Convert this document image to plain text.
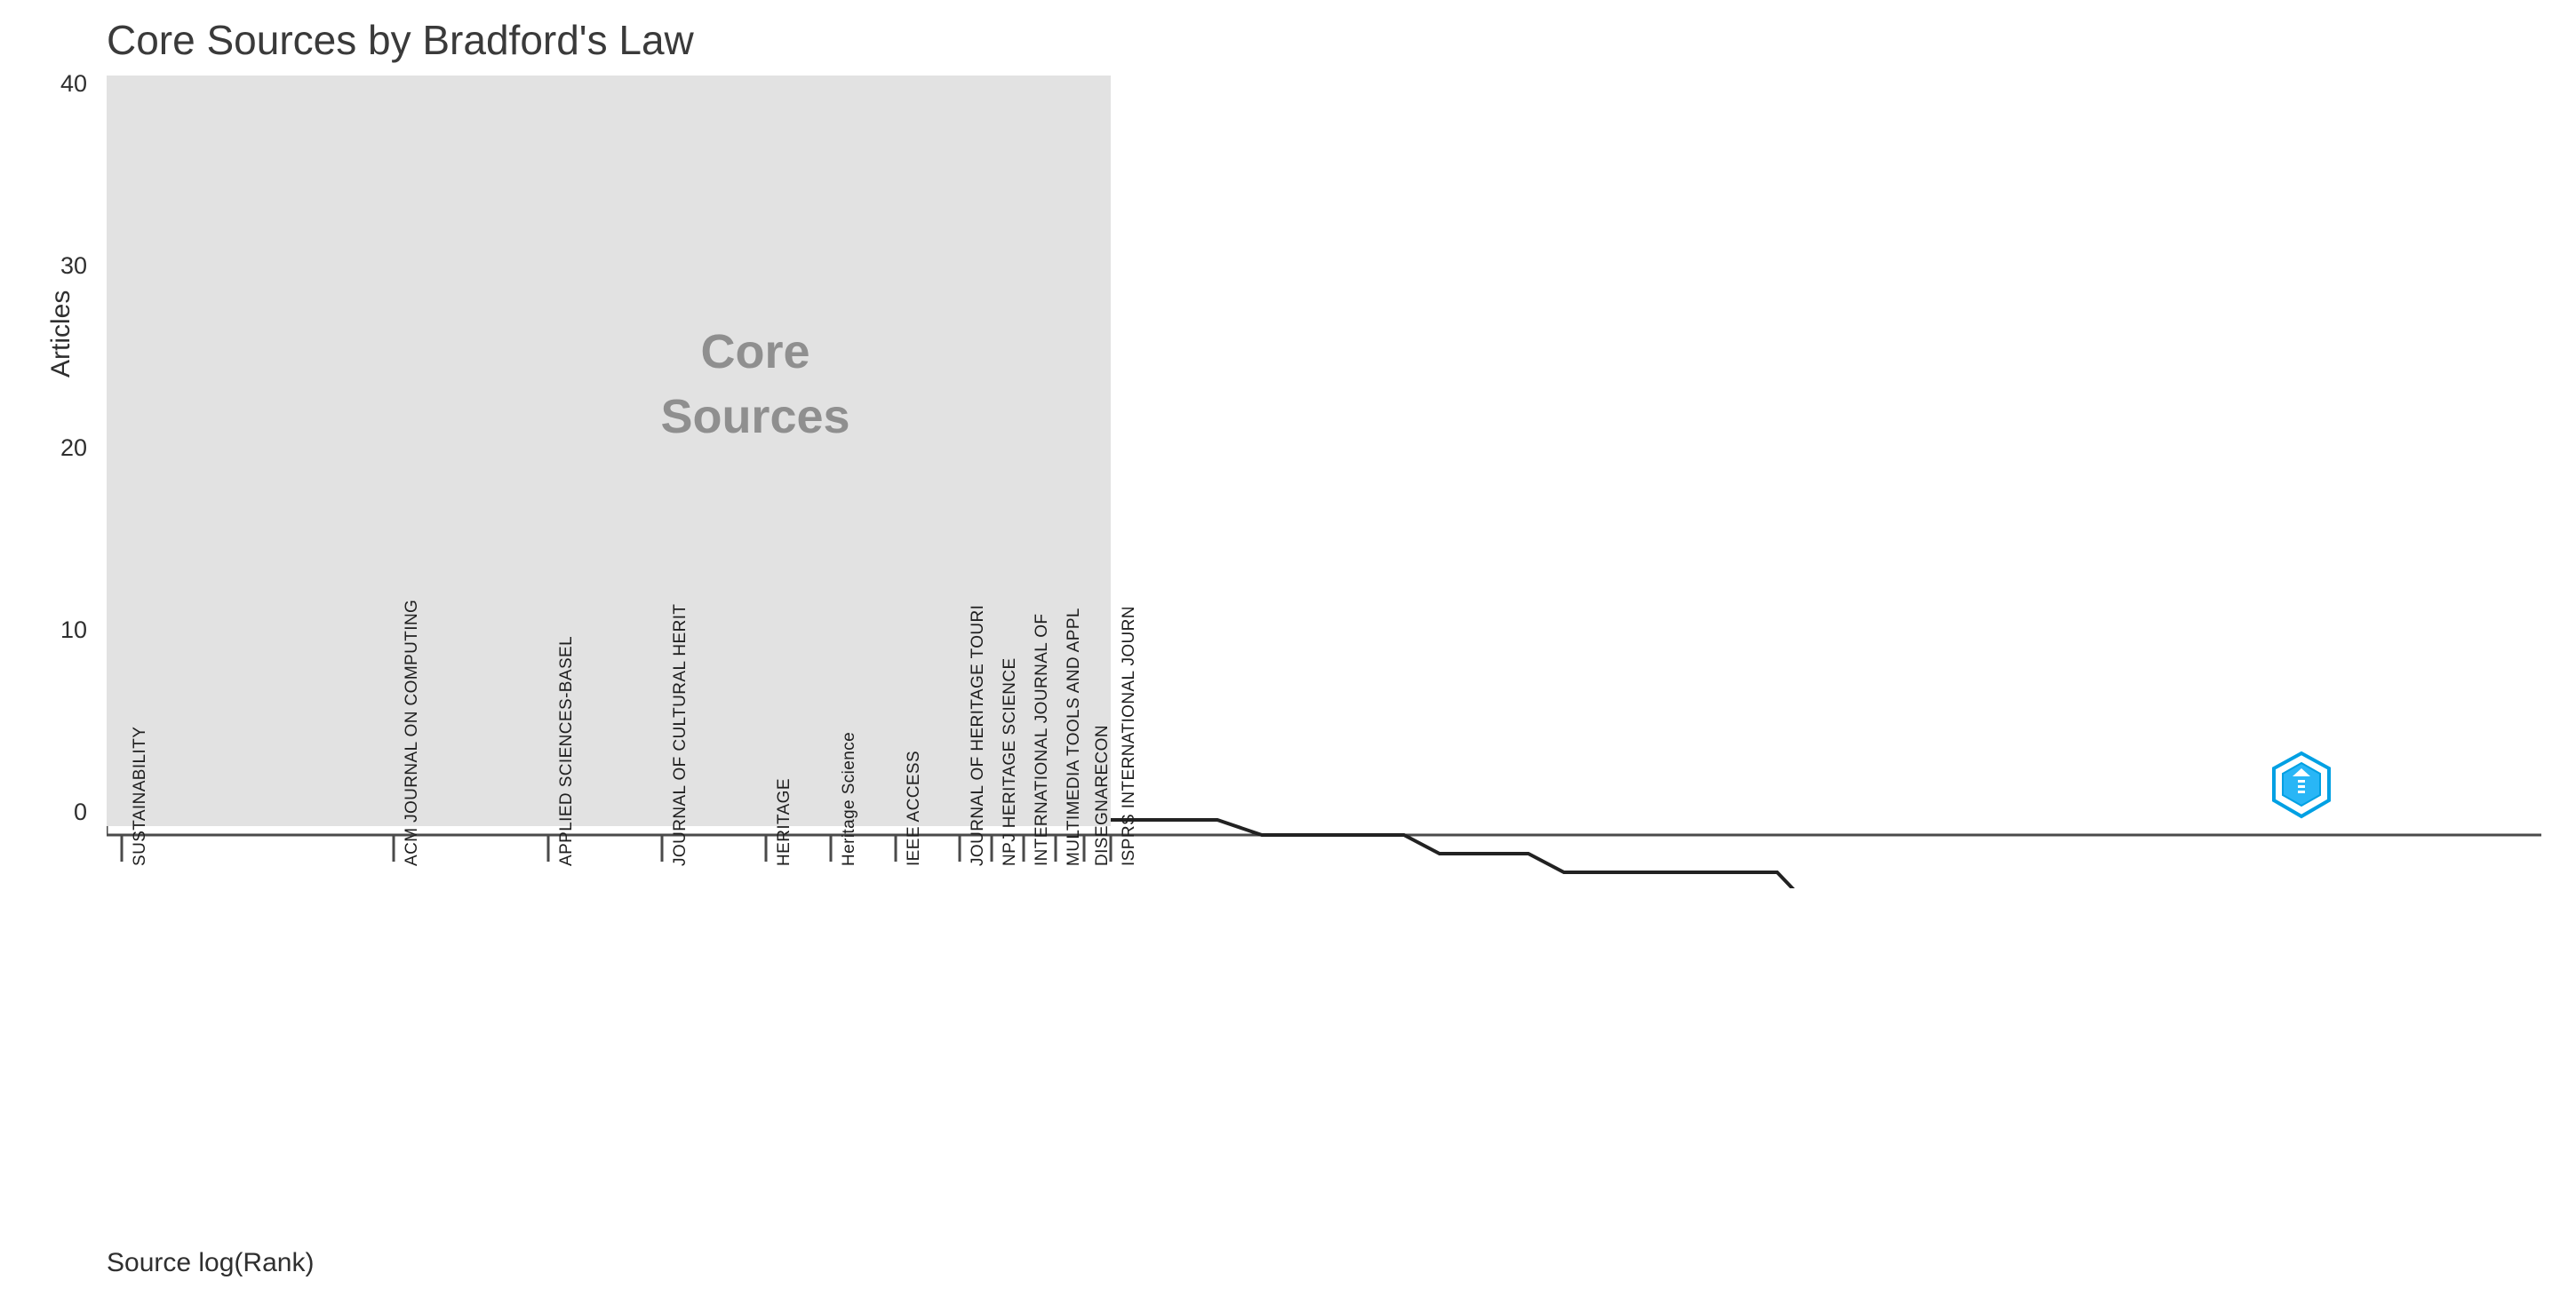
Core Sources by Bradford's Law
Articles
40
30
20
10
0
Core Sources
SUSTAINABILITY	ACM JOURNAL ON COMPUTING	APPLIED SCIENCES-BASEL	JOURNAL OF CULTURAL HERIT	HERITAGE	Heritage Science	IEEE ACCESS	JOURNAL OF HERITAGE TOURI NPJ HERITAGE SCIENCE INTERNATIONAL JOURNAL OF MULTIMEDIA TOOLS AND APPL DISEGNARECON ISPRS INTERNATIONAL JOURN
Source log(Rank)
